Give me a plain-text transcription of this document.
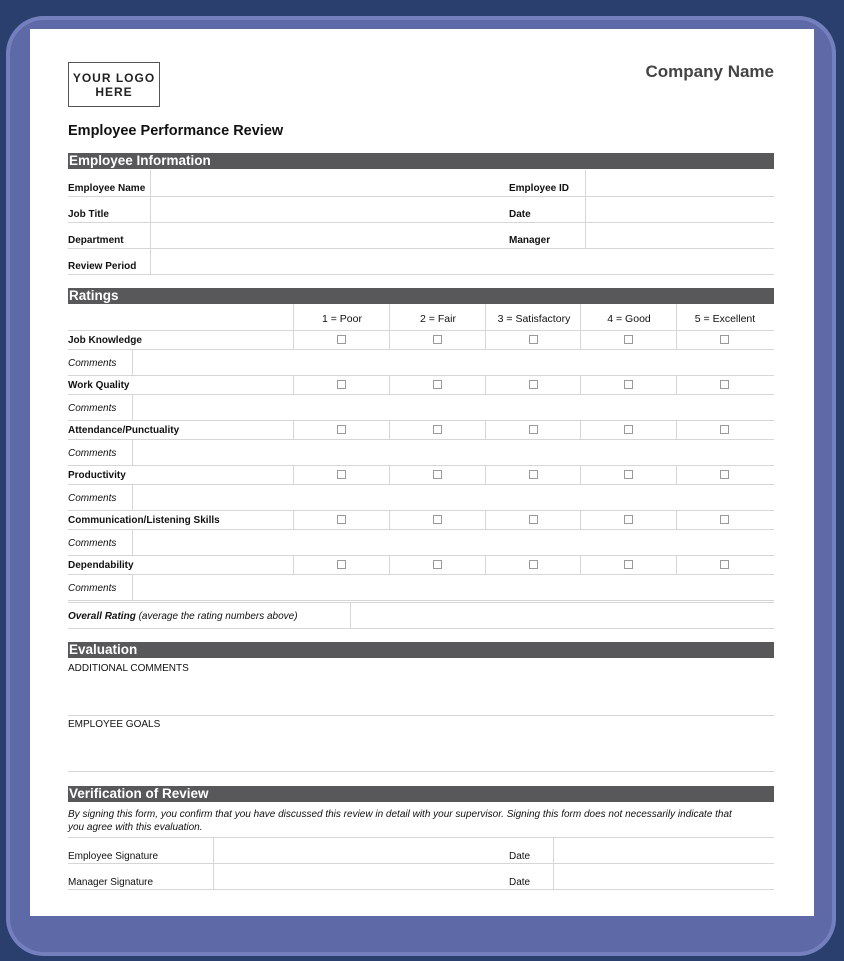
YOUR LOGO
HERE
Company Name
Employee Performance Review
Employee Information
Employee Name	Employee ID
Job Title	Date
Department	Manager
Review Period
Ratings
1 = Poor	2 = Fair	3 = Satisfactory	4 = Good	5 = Excellent
Job Knowledge
Comments
Work Quality
Comments
Attendance/Punctuality
Comments
Productivity
Comments
Communication/Listening Skills
Comments
Dependability
Comments
Overall Rating (average the rating numbers above)
Evaluation
ADDITIONAL COMMENTS
EMPLOYEE GOALS
Verification of Review
By signing this form, you confirm that you have discussed this review in detail with your supervisor. Signing this form does not necessarily indicate that
you agree with this evaluation.
Employee Signature	Date
Manager Signature	Date
